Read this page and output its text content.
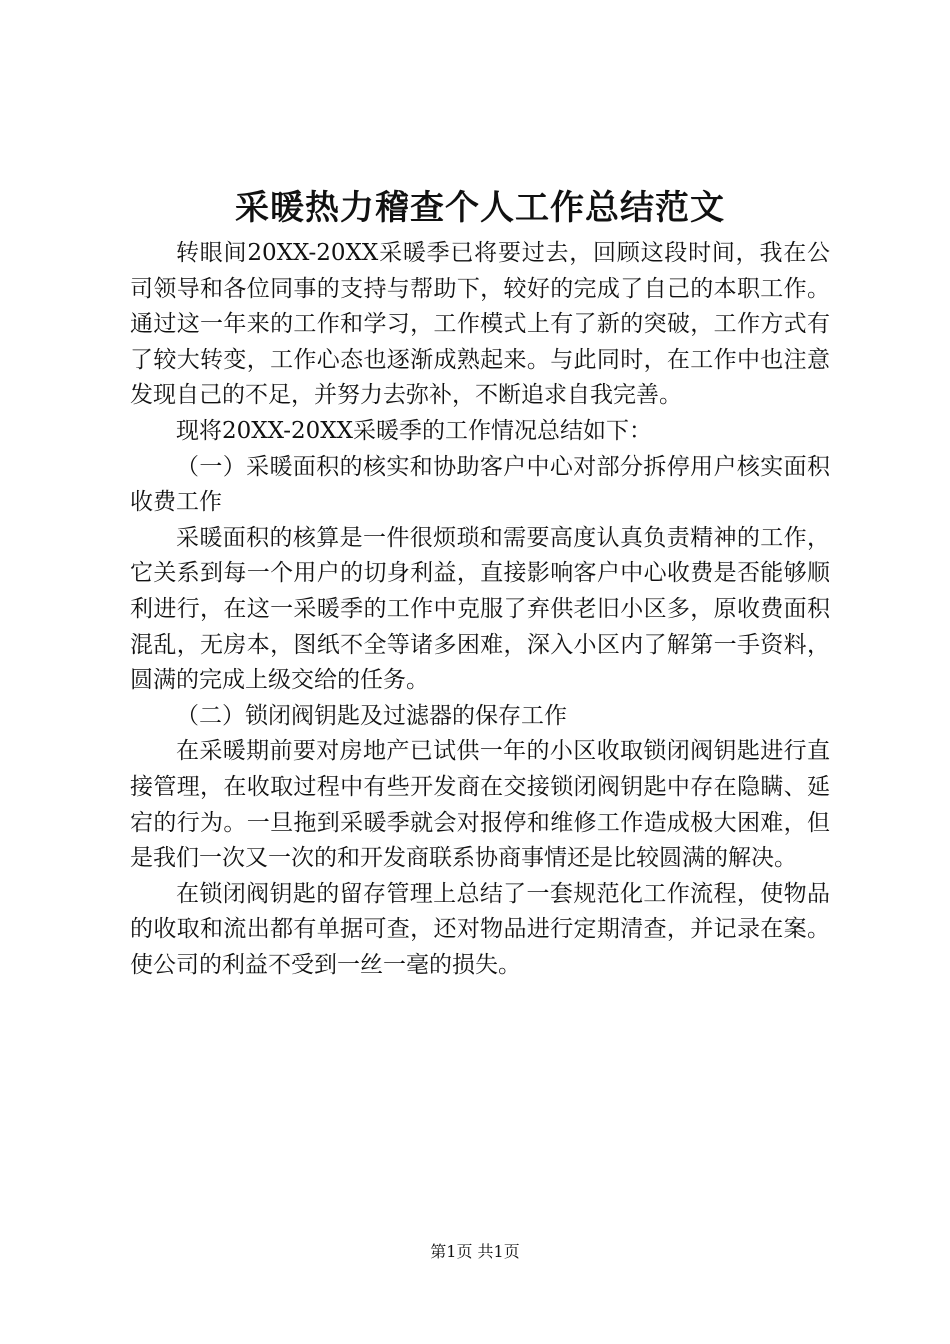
采暖热力稽查个人工作总结范文

转眼间20XX-20XX采暖季已将要过去，回顾这段时间，我在公司领导和各位同事的支持与帮助下，较好的完成了自己的本职工作。通过这一年来的工作和学习，工作模式上有了新的突破，工作方式有了较大转变，工作心态也逐渐成熟起来。与此同时，在工作中也注意发现自己的不足，并努力去弥补，不断追求自我完善。

现将20XX-20XX采暖季的工作情况总结如下：

（一）采暖面积的核实和协助客户中心对部分拆停用户核实面积收费工作

采暖面积的核算是一件很烦琐和需要高度认真负责精神的工作，它关系到每一个用户的切身利益，直接影响客户中心收费是否能够顺利进行，在这一采暖季的工作中克服了弃供老旧小区多，原收费面积混乱，无房本，图纸不全等诸多困难，深入小区内了解第一手资料，圆满的完成上级交给的任务。

（二）锁闭阀钥匙及过滤器的保存工作

在采暖期前要对房地产已试供一年的小区收取锁闭阀钥匙进行直接管理，在收取过程中有些开发商在交接锁闭阀钥匙中存在隐瞒、延宕的行为。一旦拖到采暖季就会对报停和维修工作造成极大困难，但是我们一次又一次的和开发商联系协商事情还是比较圆满的解决。

在锁闭阀钥匙的留存管理上总结了一套规范化工作流程，使物品的收取和流出都有单据可查，还对物品进行定期清查，并记录在案。使公司的利益不受到一丝一毫的损失。

第1页 共1页
